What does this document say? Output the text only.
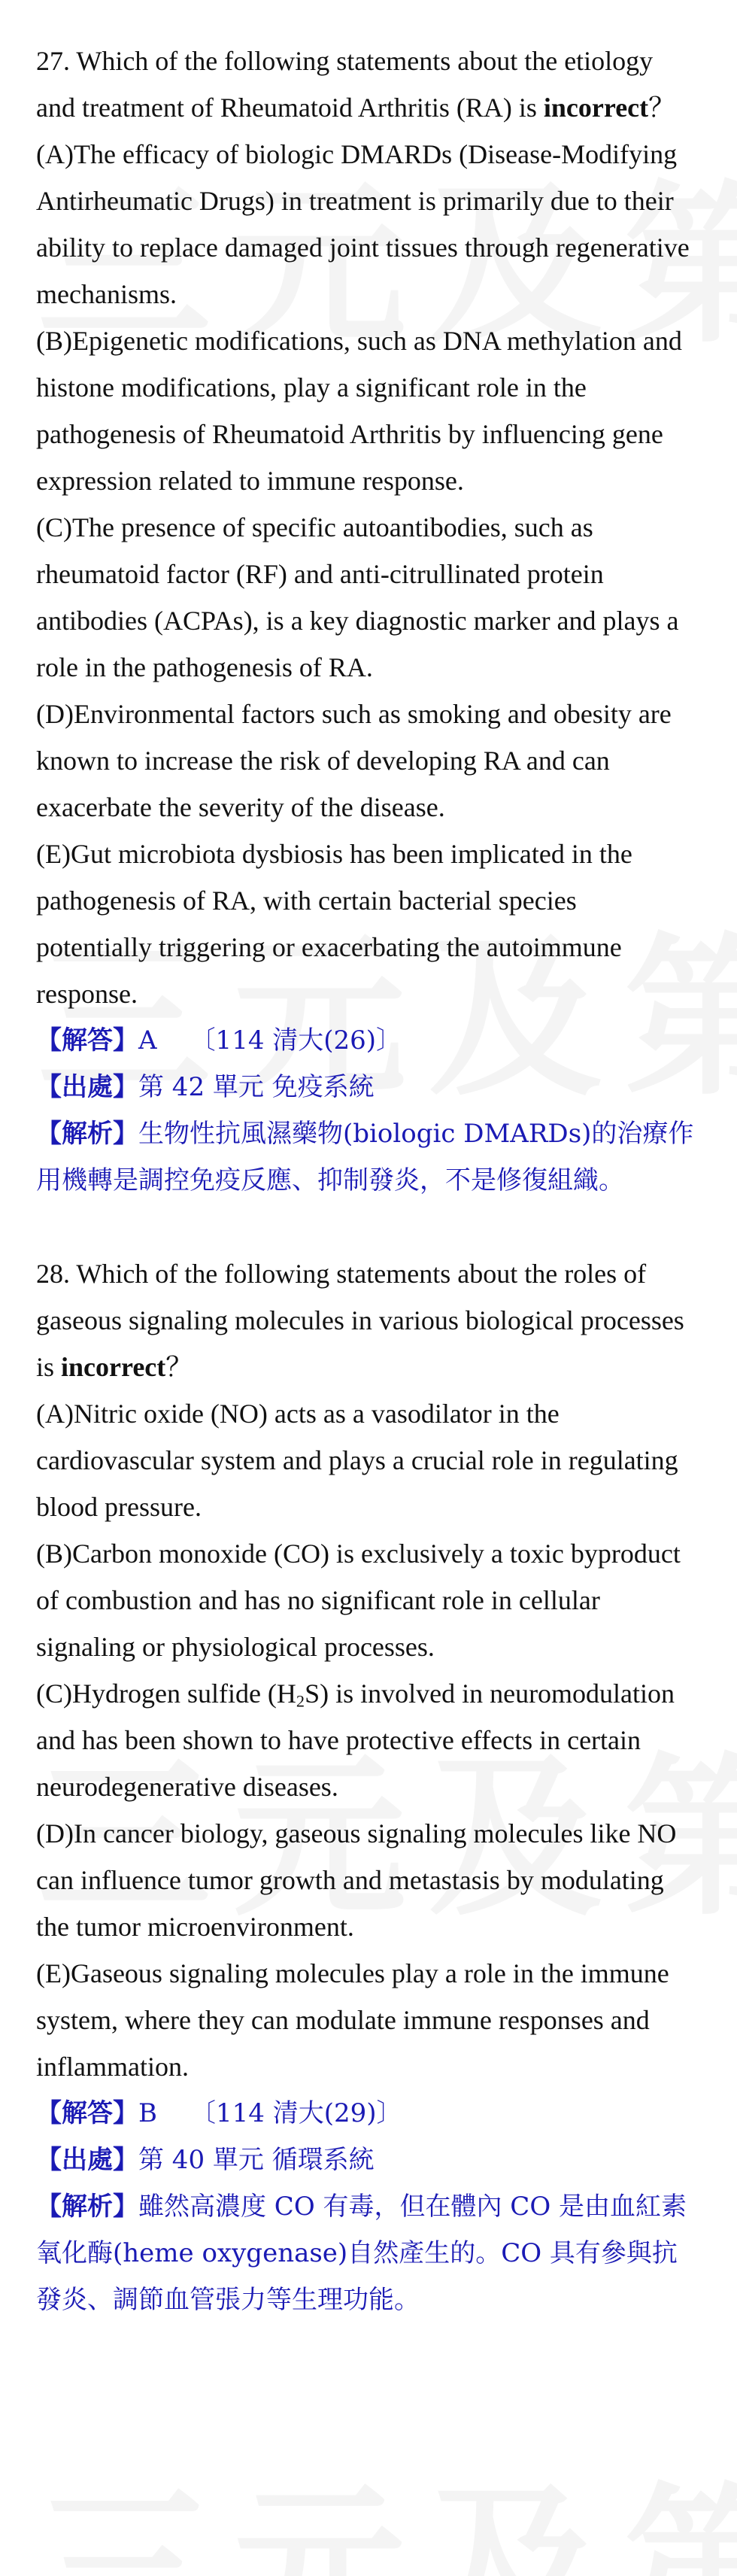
27. Which of the following statements about the etiology and treatment of Rheumatoid Arthritis (RA) is incorrect？

(A)The efficacy of biologic DMARDs (Disease-Modifying Antirheumatic Drugs) in treatment is primarily due to their ability to replace damaged joint tissues through regenerative mechanisms.

(B)Epigenetic modifications, such as DNA methylation and histone modifications, play a significant role in the pathogenesis of Rheumatoid Arthritis by influencing gene expression related to immune response.

(C)The presence of specific autoantibodies, such as rheumatoid factor (RF) and anti-citrullinated protein antibodies (ACPAs), is a key diagnostic marker and plays a role in the pathogenesis of RA.

(D)Environmental factors such as smoking and obesity are known to increase the risk of developing RA and can exacerbate the severity of the disease.

(E)Gut microbiota dysbiosis has been implicated in the pathogenesis of RA, with certain bacterial species potentially triggering or exacerbating the autoimmune response.

【解答】A 〔114 清大(26)〕

【出處】第 42 單元 免疫系統

【解析】生物性抗風濕藥物(biologic DMARDs)的治療作用機轉是調控免疫反應、抑制發炎，不是修復組織。

28. Which of the following statements about the roles of gaseous signaling molecules in various biological processes is incorrect？

(A)Nitric oxide (NO) acts as a vasodilator in the cardiovascular system and plays a crucial role in regulating blood pressure.

(B)Carbon monoxide (CO) is exclusively a toxic byproduct of combustion and has no significant role in cellular signaling or physiological processes.

(C)Hydrogen sulfide $(H_2S)$ is involved in neuromodulation and has been shown to have protective effects in certain neurodegenerative diseases.

(D)In cancer biology, gaseous signaling molecules like NO can influence tumor growth and metastasis by modulating the tumor microenvironment.

(E)Gaseous signaling molecules play a role in the immune system, where they can modulate immune responses and inflammation.

【解答】B 〔114 清大(29)〕

【出處】第 40 單元 循環系統

【解析】雖然高濃度 CO 有毒，但在體內 CO 是由血紅素氧化酶(heme oxygenase)自然產生的。CO 具有參與抗發炎、調節血管張力等生理功能。
